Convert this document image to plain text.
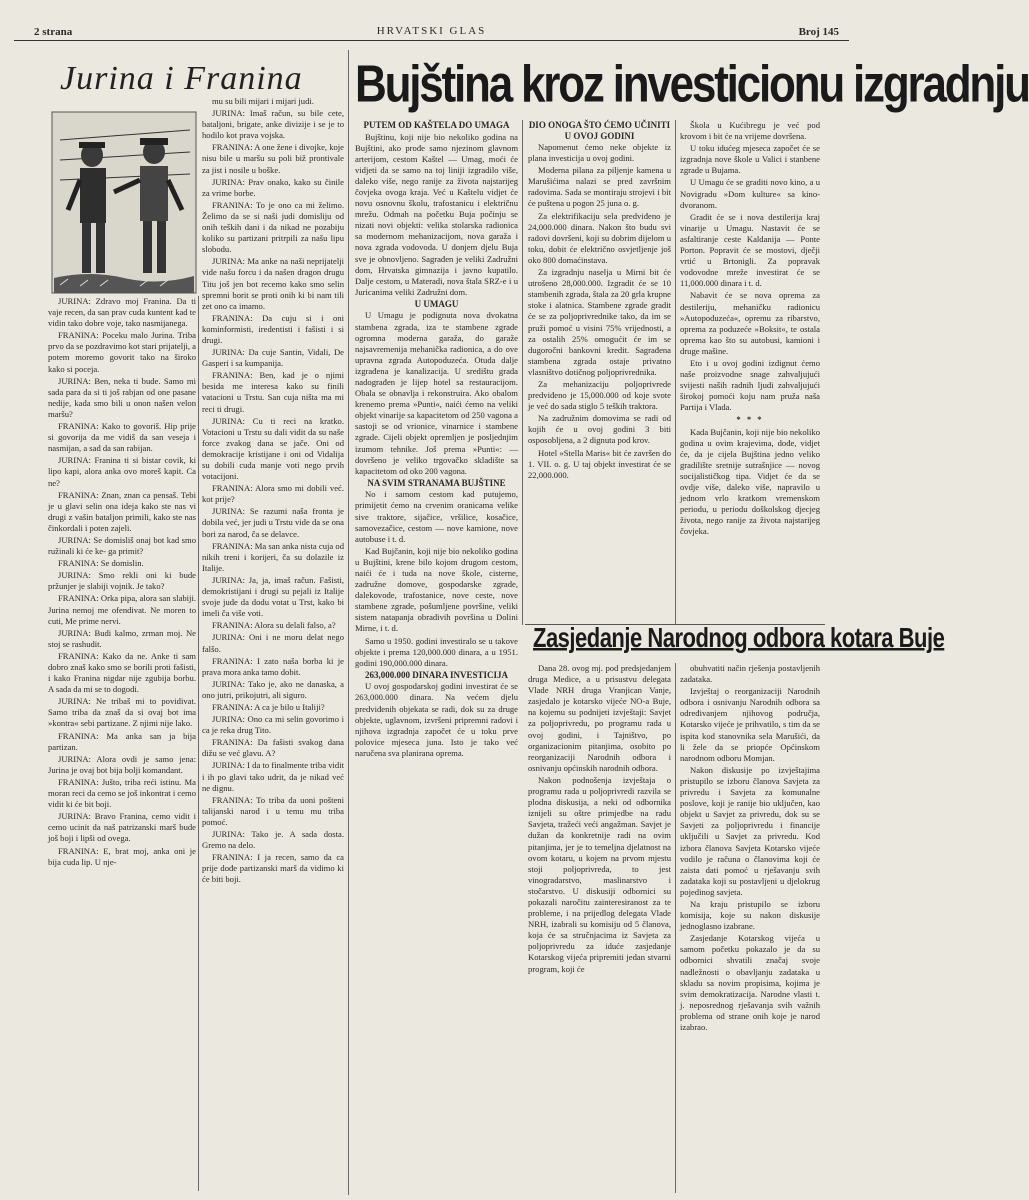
2 strana	HRVATSKI GLAS	Broj 145
Jurina i Franina

JURINA: Zdravo moj Franina. Da ti vaje recen, da san prav cuda kuntent kad te vidin tako dobre voje, tako nasmijanega.

FRANINA: Poceku malo Jurina. Triba prvo da se pozdravimo kot stari prijatelji, a potem moremo govorit tako na široko kako si poceja.

JURINA: Ben, neka ti bude. Samo mi sada para da si ti još rabjan od one pasane nedije, kada smo bili u onon našen velon maršu?

FRANINA: Kako to govoriš. Hip prije si govorija da me vidiš da san veseja i nasmijan, a sad da san rabijan.

JURINA: Franina ti si bistar covik, ki lipo kapi, alora anka ovo moreš kapit. Ca ne?

FRANINA: Znan, znan ca pensaš. Tebi je u glavi selin ona ideja kako ste nas vi drugi z vašin bataljon primili, kako ste nas činkordali i poten zajeli.

JURINA: Se domisliš onaj bot kad smo ružinali ki će ke- ga primit?

FRANINA: Se domislin.

JURINA: Smo rekli oni ki bude pržunjer je slabiji vojnik. Je tako?

FRANINA: Orka pipa, alora san slabiji. Jurina nemoj me ofendivat. Ne moren to cuti, Me prime nervi.

JURINA: Budi kalmo, zrman moj. Ne stoj se rashudit.

FRANINA: Kako da ne. Anke ti sam dobro znaš kako smo se borili proti fašisti, i kako Franina nigdar nije zgubija borbu. A sada da mi se to dogodi.

JURINA: Ne tribaš mi to povidivat. Samo triba da znaš da si ovaj bot ima »kontra« sebi partizane. Z njimi nije lako.

FRANINA: Ma anka san ja bija partizan.

JURINA: Alora ovdi je samo jena: Jurina je ovaj bot bija bolji komandant.

FRANINA: Jušto, triba reći istinu. Ma moran reci da cemo se još inkontrat i cemo vidit ki će bit boji.

JURINA: Bravo Franina, cemo vidit i cemo ucinit da naš patrizanski marš bude još boji i lipši od ovega.

FRANINA: E, brat moj, anka oni je bija cuda lip. U nje-

mu su bili mijari i mijari judi.

JURINA: Imaš račun, su bile cete, bataljoni, brigate, anke divizije i se je to hodilo kot prava vojska.

FRANINA: A one žene i divojke, koje nisu bile u maršu su poli biž prontivale za jist i nosile u boške.

JURINA: Prav onako, kako su činile za vrime borbe.

FRANINA: To je ono ca mi želimo. Želimo da se si naši judi domisliju od onih teških dani i da nikad ne pozabiju koliko su partizani pritrpili za našu lipu slobodu.

JURINA: Ma anke na naši neprijatelji vide našu forcu i da našen dragon drugu Titu još jen bot recemo kako smo selin spremni borit se proti onih ki bi nam tili zet ono ca imamo.

FRANINA: Da cuju si i oni kominformisti, iredentisti i fašisti i si drugi.

JURINA: Da cuje Santin, Vidali, De Gasperi i sa kumpanija.

FRANINA: Ben, kad je o njimi besida me interesa kako su finili vatacioni u Trstu. San cuja ništa ma mi reci ti drugi.

JURINA: Cu ti reci na kratko. Votacioni u Trstu su dali vidit da su naše force zvakog dana se jače. Oni od demokracije kristijane i oni od Vidalija su dobili cuda manje voti nego prvih votacijoni.

FRANINA: Alora smo mi dobili već. kot prije?

JURINA: Se razumi naša fronta je dobila već, jer judi u Trstu vide da se ona bori za narod, ča se delavce.

FRANINA: Ma san anka nista cuja od nikih treni i korijeri, ča su dolazile iz Italije.

JURINA: Ja, ja, imaš račun. Fašisti, demokristijani i drugi su pejali iz Italije svoje jude da dodu votat u Trst, kako bi imeli ča više voti.

FRANINA: Alora su delali falso, a?

JURINA: Oni i ne moru delat nego falšo.

FRANINA: I zato naša borba ki je prava mora anka tamo dobit.

JURINA: Tako je, ako ne danaska, a ono jutri, prikojutri, ali siguro.

FRANINA: A ca je bilo u Italiji?

JURINA: Ono ca mi selin govorimo i ca je reka drug Tito.

FRANINA: Da fašisti svakog dana dižu se već glavu. A?

JURINA: I da to finalmente triba vidit i ih po glavi tako udrit, da je nikad već ne dignu.

FRANINA: To triba da uoni pošteni talijanski narod i u temu mu triba pomoć.

JURINA: Tako je. A sada dosta. Gremo na delo.

FRANINA: I ja recen, samo da ca prije dođe partizanski marš da vidimo ki će biti boji.

Bujština kroz investicionu izgradnju

PUTEM OD KAŠTELA DO UMAGA

Bujštinu, koji nije bio nekoliko godina na Bujštini, ako prođe samo njezinom glavnom arterijom, cestom Kaštel — Umag, moći će vidjeti da se samo na toj liniji izgradilo više, daleko više, nego ranije za života najstarijeg čovjeka ovoga kraja. Već u Kaštelu vidjet će novu osnovnu školu, trafostanicu i električnu mrežu. Odmah na početku Buja počinju se nizati novi objekti: velika stolarska radionica sa modernom mehanizacijom, nova garaža i nova zgrada vodovoda. U donjem djelu Buja sve je obnovljeno. Sagrađen je veliki Zadružni dom, Hrvatska gimnazija i javno kupatilo. Dalje cestom, u Materadi, nova štala SRZ-e i u Juricanima veliki Zadružni dom.

U UMAGU

U Umagu je podignuta nova dvokatna stambena zgrada, iza te stambene zgrade ogromna moderna garaža, do garaže najsavremenija mehanička radionica, a do ove upravna zgrada Autopoduzeća. Otuda dalje izgrađena je kanalizacija. U središtu grada nadograđen je lijep hotel sa restauracijom. Obala se obnavlja i rekonstruira. Ako obalom krenemo prema »Punti«, naići ćemo na veliki objekt vinarije sa kapacitetom od 250 vagona a sastoji se od vrionice, vinarnice i stambene zgrade. Cijeli objekt opremljen je posljednjim izumom tehnike. Još prema »Punti«: — dovršeno je veliko trgovačko skladište sa kapacitetom od oko 200 vagona.

NA SVIM STRANAMA BUJŠTINE

No i samom cestom kad putujemo, primijetit ćemo na crvenim oranicama velike sive traktore, sijačice, vršilice, kosačice, samovezačice, cestom — nove kamione, nove autobuse i t. d.

Kad Bujčanin, koji nije bio nekoliko godina u Bujštini, krene bilo kojom drugom cestom, naići će i tuda na nove škole, cisterne, zadružne domove, gospodarske zgrade, dalekovode, trafostanice, nove ceste, nove stambene zgrade, pošumljene površine, veliki sistem natapanja obradivih površina u Dolini Mirne, i t. d.

Samo u 1950. godini investiralo se u takove objekte i prema 120,000.000 dinara, a u 1951. godini 190,000.000 dinara.

263,000.000 DINARA INVESTICIJA

U ovoj gospodarskoj godini investirat će se 263,000.000 dinara. Na većem djelu predviđenih objekata se radi, dok su za druge objekte, uglavnom, izvršeni pripremni radovi i njihova izgradnja započet će u toku prve polovice mjeseca juna. Isto je tako već naručena sva planirana oprema.

DIO ONOGA ŠTO ĆEMO UČINITI U OVOJ GODINI

Napomenut ćemo neke objekte iz plana investicija u ovoj godini.

Moderna pilana za piljenje kamena u Marušićima nalazi se pred završnim radovima. Sada se montiraju strojevi i bit će puštena u pogon 25 juna o. g.

Za elektrifikaciju sela predviđeno je 24,000.000 dinara. Nakon što budu svi radovi dovršeni, koji su dobrim dijelom u toku, dobit će električno osvjetljenje još oko 800 domaćinstava.

Za izgradnju naselja u Mirni bit će utrošeno 28,000.000. Izgradit će se 10 stambenih zgrada, štala za 20 grla krupne stoke i alatnica. Stambene zgrade gradit će se za poljoprivrednike tako, da im se pruži pomoć u visini 75% vrijednosti, a za ostalih 25% omogućit će im se dugoročni bankovni kredit. Sagrađena stambena zgrada ostaje privatno vlasništvo dotičnog poljoprivrednika.

Za mehanizaciju poljoprivrede predviđeno je 15,000.000 od koje svote je već do sada stiglo 5 teških traktora.

Na zadružnim domovima se radi od kojih će u ovoj godini 3 biti osposobljena, a 2 dignuta pod krov.

Hotel »Stella Maris« bit će završen do 1. VII. o. g. U taj objekt investirat će se 22,000.000.

Škola u Kućibregu je već pod krovom i bit će na vrijeme dovršena.

U toku idućeg mjeseca započet će se izgradnja nove škole u Valici i stanbene zgrade u Bujama.

U Umagu će se graditi novo kino, a u Novigradu »Dom kulture« sa kino-dvoranom.

Gradit će se i nova destilerija kraj vinarije u Umagu. Nastavit će se asfaltiranje ceste Kaldanija — Ponte Porton. Popravit će se mostovi, dječji vrtić u Brtonigli. Za popravak vodovodne mreže investirat će se 11,000.000 dinara i t. d.

Nabavit će se nova oprema za destileriju, mehaničku radionicu »Autopoduzeća«, opremu za ribarstvo, oprema za poduzeće »Boksit«, te ostala oprema kao što su autobusi, kamioni i druge mašine.

Eto i u ovoj godini izdignut ćemo naše proizvodne snage zahvaljujući svijesti naših radnih ljudi zahvaljujući širokoj pomoći koju nam pruža naša Partija i Vlada.

* * *

Kada Bujčanin, koji nije bio nekoliko godina u ovim krajevima, dođe, vidjet će, da je cijela Bujština jedno veliko gradilište sretnije sutrašnjice — novog socijalističkog tipa. Vidjet će da se ovdje više, daleko više, napravilo u jednom vrlo kratkom vremenskom periodu, u periodu doškolskog djecjeg života, nego ranije za života najstarijeg čovjeka.

Zasjedanje Narodnog odbora kotara Buje

Dana 28. ovog mj. pod predsjedanjem druga Medice, a u prisustvu delegata Vlade NRH druga Vranjican Vanje, zasjedalo je kotarsko vijeće NO-a Buje, na kojemu su podnijeti izvještaji: Savjet za poljoprivredu, po programu rada u ovoj godini, i Tajništvo, po organizacionim pitanjima, osobito po reorganizaciji Narodnih odbora i osnivanju općinskih narodnih odbora.

Nakon podnošenja izvještaja o programu rada u poljoprivredi razvila se plodna diskusija, a neki od odbornika iznijeli su oštre primjedbe na radu Savjeta, tražeći veći angažman. Savjet je dužan da konkretnije radi na ovim pitanjima, jer je to temeljna djelatnost na ovom kotaru, u kojem na prvom mjestu stoji poljoprivreda, to jest vinogradarstvo, maslinarstvo i stočarstvo. U diskusiji odbornici su pokazali naročitu zainteresiranost za te probleme, i na prijedlog delegata Vlade NRH, izabrali su komisiju od 5 članova, koja će sa stručnjacima iz Savjeta za poljoprivredu za iduće zasjedanje Kotarskog vijeća pripremiti jedan stvarni program, koji će

obuhvatiti način rješenja postavljenih zadataka.

Izvještaj o reorganizaciji Narodnih odbora i osnivanju Narodnih odbora sa određivanjem njihovog područja, Kotarsko vijeće je prihvatilo, s tim da se ispita kod stanovnika sela Marušići, da li žele da se priopće Općinskom narodnom odboru Momjan.

Nakon diskusije po izvještajima pristupilo se izboru članova Savjeta za privredu i Savjeta za komunalne poslove, koji je ranije bio uključen, kao objekt u Savjet za privredu, dok su se Savjeti za poljoprivredu i financije uključili u Savjet za privredu. Kod izbora članova Savjeta Kotarsko vijeće vodilo je računa o članovima koji će zaista dati pomoć u rješavanju svih zadataka koji su postavljeni u djelokrug pojedinog savjeta.

Na kraju pristupilo se izboru komisija, koje su nakon diskusije jednoglasno izabrane.

Zasjedanje Kotarskog vijeća u samom početku pokazalo je da su odbornici shvatili značaj svoje nadležnosti o obavljanju zadataka u skladu sa novim propisima, kojima je svim demokratizacija. Narodne vlasti t. j. neposrednog rješavanja svih važnih problema od strane onih koje je narod izabrao.
